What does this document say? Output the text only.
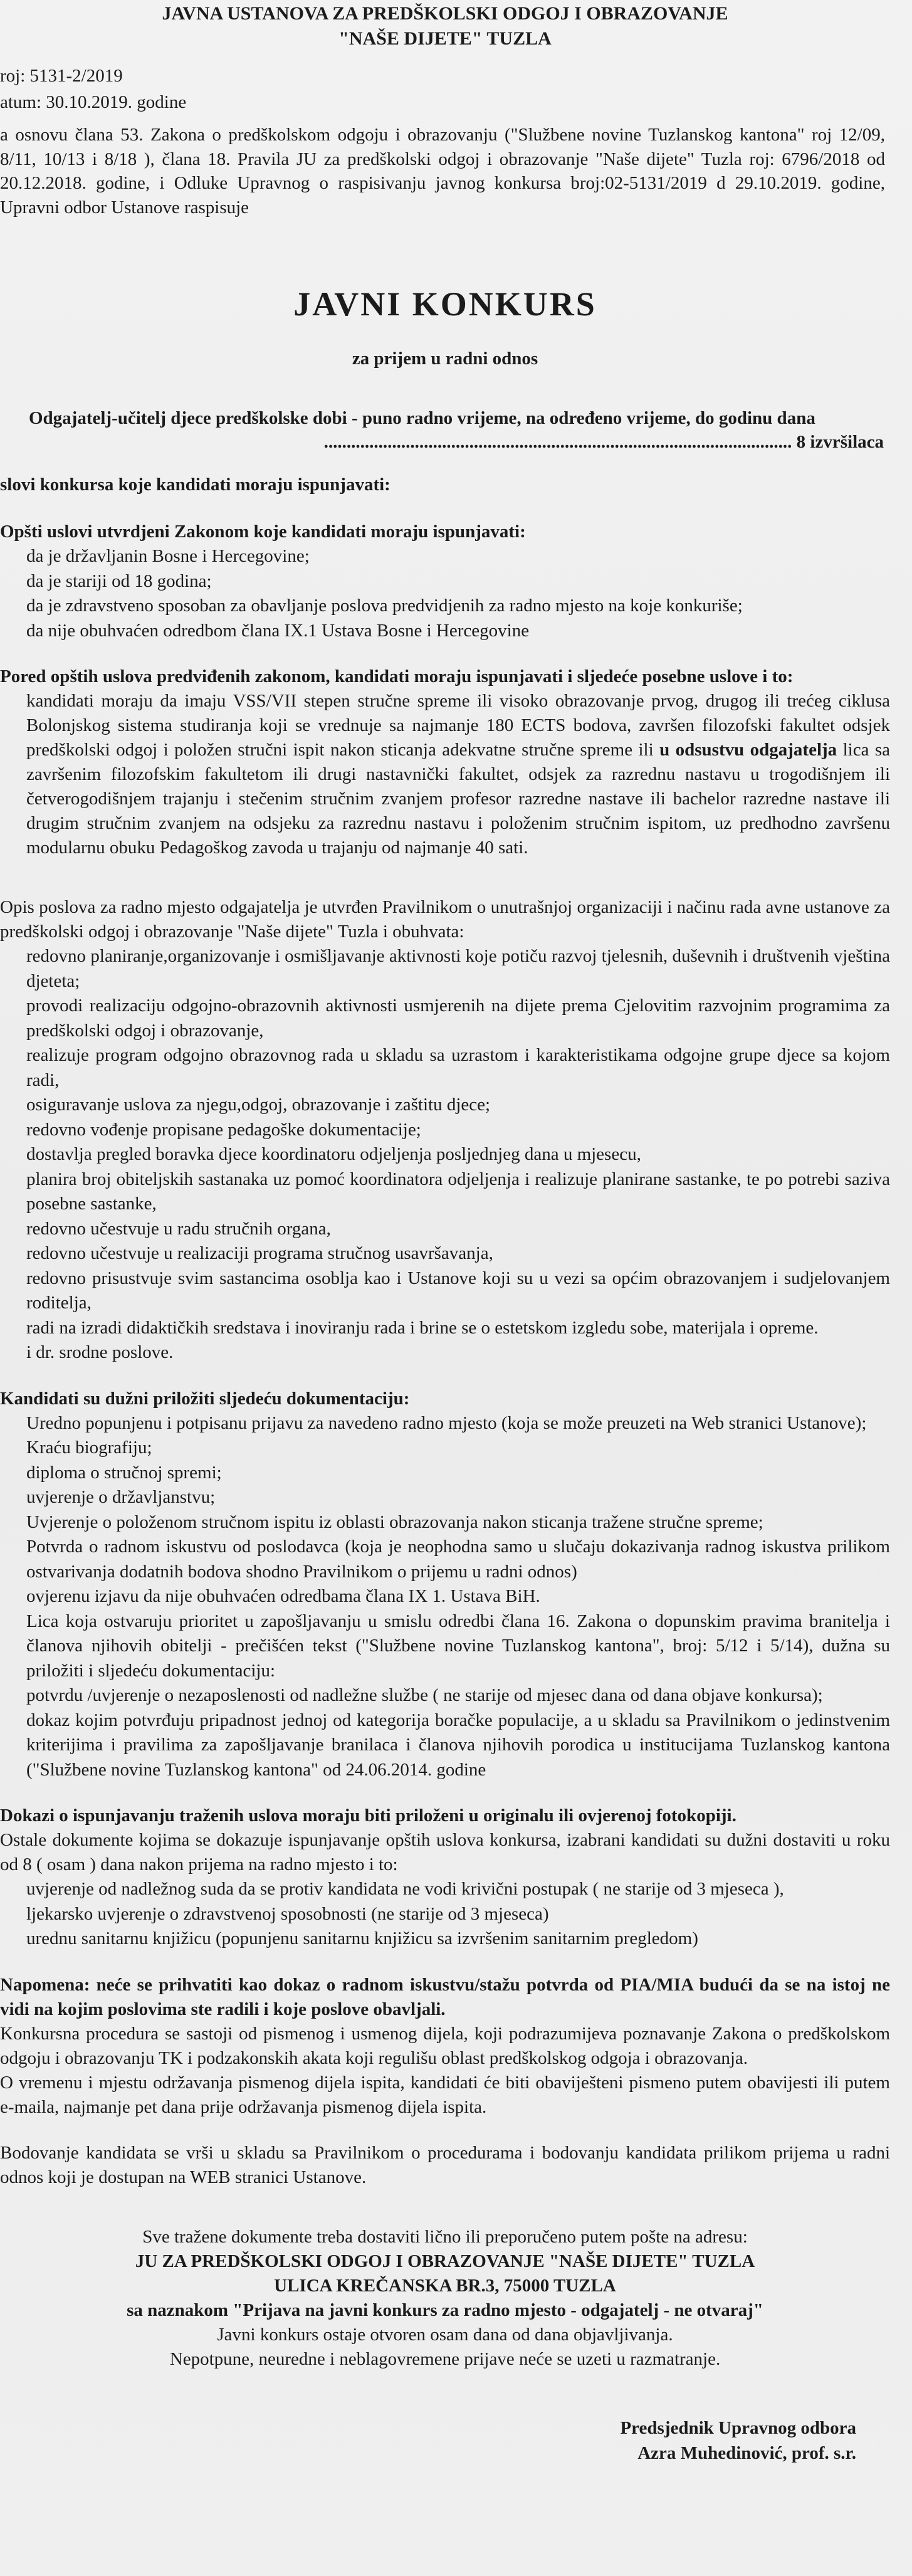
JAVNA USTANOVA ZA PREDŠKOLSKI ODGOJ I OBRAZOVANJE
"NAŠE DIJETE" TUZLA
roj: 5131-2/2019
atum: 30.10.2019. godine
a osnovu člana 53. Zakona o predškolskom odgoju i obrazovanju ("Službene novine Tuzlanskog kantona" roj 12/09, 8/11, 10/13 i 8/18 ), člana 18. Pravila JU za predškolski odgoj i obrazovanje "Naše dijete" Tuzla roj: 6796/2018 od 20.12.2018. godine, i Odluke Upravnog o raspisivanju javnog konkursa broj:02-5131/2019 d 29.10.2019. godine, Upravni odbor Ustanove raspisuje
JAVNI KONKURS
za prijem u radni odnos
Odgajatelj-učitelj djece predškolske dobi - puno radno vrijeme, na određeno vrijeme, do godinu dana
....................................................................................................... 8 izvršilaca
slovi konkursa koje kandidati moraju ispunjavati:
Opšti uslovi utvrdjeni Zakonom koje kandidati moraju ispunjavati:
da je državljanin Bosne i Hercegovine;
da je stariji od 18 godina;
da je zdravstveno sposoban za obavljanje poslova predvidjenih za radno mjesto na koje konkuriše;
da nije obuhvaćen odredbom člana IX.1 Ustava Bosne i Hercegovine
Pored opštih uslova predviđenih zakonom, kandidati moraju ispunjavati i sljedeće posebne uslove i to:
kandidati moraju da imaju VSS/VII stepen stručne spreme ili visoko obrazovanje prvog, drugog ili trećeg ciklusa Bolonjskog sistema studiranja koji se vrednuje sa najmanje 180 ECTS bodova, završen filozofski fakultet odsjek predškolski odgoj i položen stručni ispit nakon sticanja adekvatne stručne spreme ili u odsustvu odgajatelja lica sa završenim filozofskim fakultetom ili drugi nastavnički fakultet, odsjek za razrednu nastavu u trogodišnjem ili četverogodišnjem trajanju i stečenim stručnim zvanjem profesor razredne nastave ili bachelor razredne nastave ili drugim stručnim zvanjem na odsjeku za razrednu nastavu i položenim stručnim ispitom, uz predhodno završenu modularnu obuku Pedagoškog zavoda u trajanju od najmanje 40 sati.
Opis poslova za radno mjesto odgajatelja je utvrđen Pravilnikom o unutrašnjoj organizaciji i načinu rada avne ustanove za predškolski odgoj i obrazovanje "Naše dijete" Tuzla i obuhvata:
redovno planiranje,organizovanje i osmišljavanje aktivnosti koje potiču razvoj tjelesnih, duševnih i društvenih vještina djeteta;
provodi realizaciju odgojno-obrazovnih aktivnosti usmjerenih na dijete prema Cjelovitim razvojnim programima za predškolski odgoj i obrazovanje,
realizuje program odgojno obrazovnog rada u skladu sa uzrastom i karakteristikama odgojne grupe djece sa kojom radi,
osiguravanje uslova za njegu,odgoj, obrazovanje i zaštitu djece;
redovno vođenje propisane pedagoške dokumentacije;
dostavlja pregled boravka djece koordinatoru odjeljenja posljednjeg dana u mjesecu,
planira broj obiteljskih sastanaka uz pomoć koordinatora odjeljenja i realizuje planirane sastanke, te po potrebi saziva posebne sastanke,
redovno učestvuje u radu stručnih organa,
redovno učestvuje u realizaciji programa stručnog usavršavanja,
redovno prisustvuje svim sastancima osoblja kao i Ustanove koji su u vezi sa općim obrazovanjem i sudjelovanjem roditelja,
radi na izradi didaktičkih sredstava i inoviranju rada i brine se o estetskom izgledu sobe, materijala i opreme.
i dr. srodne poslove.
Kandidati su dužni priložiti sljedeću dokumentaciju:
Uredno popunjenu i potpisanu prijavu za navedeno radno mjesto (koja se može preuzeti na Web stranici Ustanove);
Kraću biografiju;
diploma o stručnoj spremi;
uvjerenje o državljanstvu;
Uvjerenje o položenom stručnom ispitu iz oblasti obrazovanja nakon sticanja tražene stručne spreme;
Potvrda o radnom iskustvu od poslodavca (koja je neophodna samo u slučaju dokazivanja radnog iskustva prilikom ostvarivanja dodatnih bodova shodno Pravilnikom o prijemu u radni odnos)
ovjerenu izjavu da nije obuhvaćen odredbama člana IX 1. Ustava BiH.
Lica koja ostvaruju prioritet u zapošljavanju u smislu odredbi člana 16. Zakona o dopunskim pravima branitelja i članova njihovih obitelji - prečišćen tekst ("Službene novine Tuzlanskog kantona", broj: 5/12 i 5/14), dužna su priložiti i sljedeću dokumentaciju:
potvrdu /uvjerenje o nezaposlenosti od nadležne službe ( ne starije od mjesec dana od dana objave konkursa);
dokaz kojim potvrđuju pripadnost jednoj od kategorija boračke populacije, a u skladu sa Pravilnikom o jedinstvenim kriterijima i pravilima za zapošljavanje branilaca i članova njihovih porodica u institucijama Tuzlanskog kantona ("Službene novine Tuzlanskog kantona" od 24.06.2014. godine
Dokazi o ispunjavanju traženih uslova moraju biti priloženi u originalu ili ovjerenoj fotokopiji.
Ostale dokumente kojima se dokazuje ispunjavanje opštih uslova konkursa, izabrani kandidati su dužni dostaviti u roku od 8 ( osam ) dana nakon prijema na radno mjesto i to:
uvjerenje od nadležnog suda da se protiv kandidata ne vodi krivični postupak ( ne starije od 3 mjeseca ),
ljekarsko uvjerenje o zdravstvenoj sposobnosti (ne starije od 3 mjeseca)
urednu sanitarnu knjižicu (popunjenu sanitarnu knjižicu sa izvršenim sanitarnim pregledom)
Napomena: neće se prihvatiti kao dokaz o radnom iskustvu/stažu potvrda od PIA/MIA budući da se na istoj ne vidi na kojim poslovima ste radili i koje poslove obavljali.
Konkursna procedura se sastoji od pismenog i usmenog dijela, koji podrazumijeva poznavanje Zakona o predškolskom odgoju i obrazovanju TK i podzakonskih akata koji regulišu oblast predškolskog odgoja i obrazovanja.
O vremenu i mjestu održavanja pismenog dijela ispita, kandidati će biti obaviješteni pismeno putem obavijesti ili putem e-maila, najmanje pet dana prije održavanja pismenog dijela ispita.
Bodovanje kandidata se vrši u skladu sa Pravilnikom o procedurama i bodovanju kandidata prilikom prijema u radni odnos koji je dostupan na WEB stranici Ustanove.
Sve tražene dokumente treba dostaviti lično ili preporučeno putem pošte na adresu:
JU ZA PREDŠKOLSKI ODGOJ I OBRAZOVANJE "NAŠE DIJETE" TUZLA
ULICA KREČANSKA BR.3, 75000 TUZLA
sa naznakom "Prijava na javni konkurs za radno mjesto - odgajatelj - ne otvaraj"
Javni konkurs ostaje otvoren osam dana od dana objavljivanja.
Nepotpune, neuredne i neblagovremene prijave neće se uzeti u razmatranje.
Predsjednik Upravnog odbora
Azra Muhedinović, prof. s.r.
